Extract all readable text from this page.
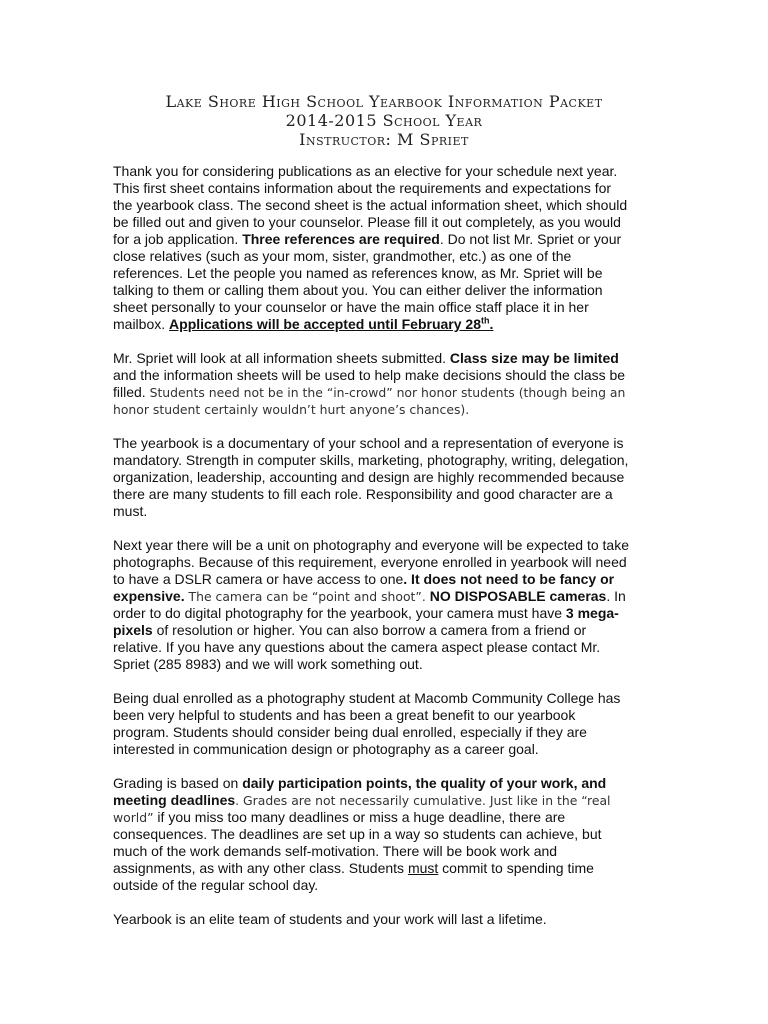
Lake Shore High School Yearbook Information Packet
2014-2015 School Year
Instructor: M Spriet

Thank you for considering publications as an elective for your schedule next year. This first sheet contains information about the requirements and expectations for the yearbook class. The second sheet is the actual information sheet, which should be filled out and given to your counselor. Please fill it out completely, as you would for a job application. Three references are required. Do not list Mr. Spriet or your close relatives (such as your mom, sister, grandmother, etc.) as one of the references. Let the people you named as references know, as Mr. Spriet will be talking to them or calling them about you. You can either deliver the information sheet personally to your counselor or have the main office staff place it in her mailbox. Applications will be accepted until February 28th.

Mr. Spriet will look at all information sheets submitted. Class size may be limited and the information sheets will be used to help make decisions should the class be filled. Students need not be in the “in-crowd” nor honor students (though being an honor student certainly wouldn’t hurt anyone’s chances).

The yearbook is a documentary of your school and a representation of everyone is mandatory. Strength in computer skills, marketing, photography, writing, delegation, organization, leadership, accounting and design are highly recommended because there are many students to fill each role. Responsibility and good character are a must.

Next year there will be a unit on photography and everyone will be expected to take photographs. Because of this requirement, everyone enrolled in yearbook will need to have a DSLR camera or have access to one. It does not need to be fancy or expensive. The camera can be “point and shoot”. NO DISPOSABLE cameras. In order to do digital photography for the yearbook, your camera must have 3 mega-pixels of resolution or higher. You can also borrow a camera from a friend or relative. If you have any questions about the camera aspect please contact Mr. Spriet (285 8983) and we will work something out.

Being dual enrolled as a photography student at Macomb Community College has been very helpful to students and has been a great benefit to our yearbook program. Students should consider being dual enrolled, especially if they are interested in communication design or photography as a career goal.

Grading is based on daily participation points, the quality of your work, and meeting deadlines. Grades are not necessarily cumulative. Just like in the “real world” if you miss too many deadlines or miss a huge deadline, there are consequences. The deadlines are set up in a way so students can achieve, but much of the work demands self-motivation. There will be book work and assignments, as with any other class. Students must commit to spending time outside of the regular school day.

Yearbook is an elite team of students and your work will last a lifetime.
